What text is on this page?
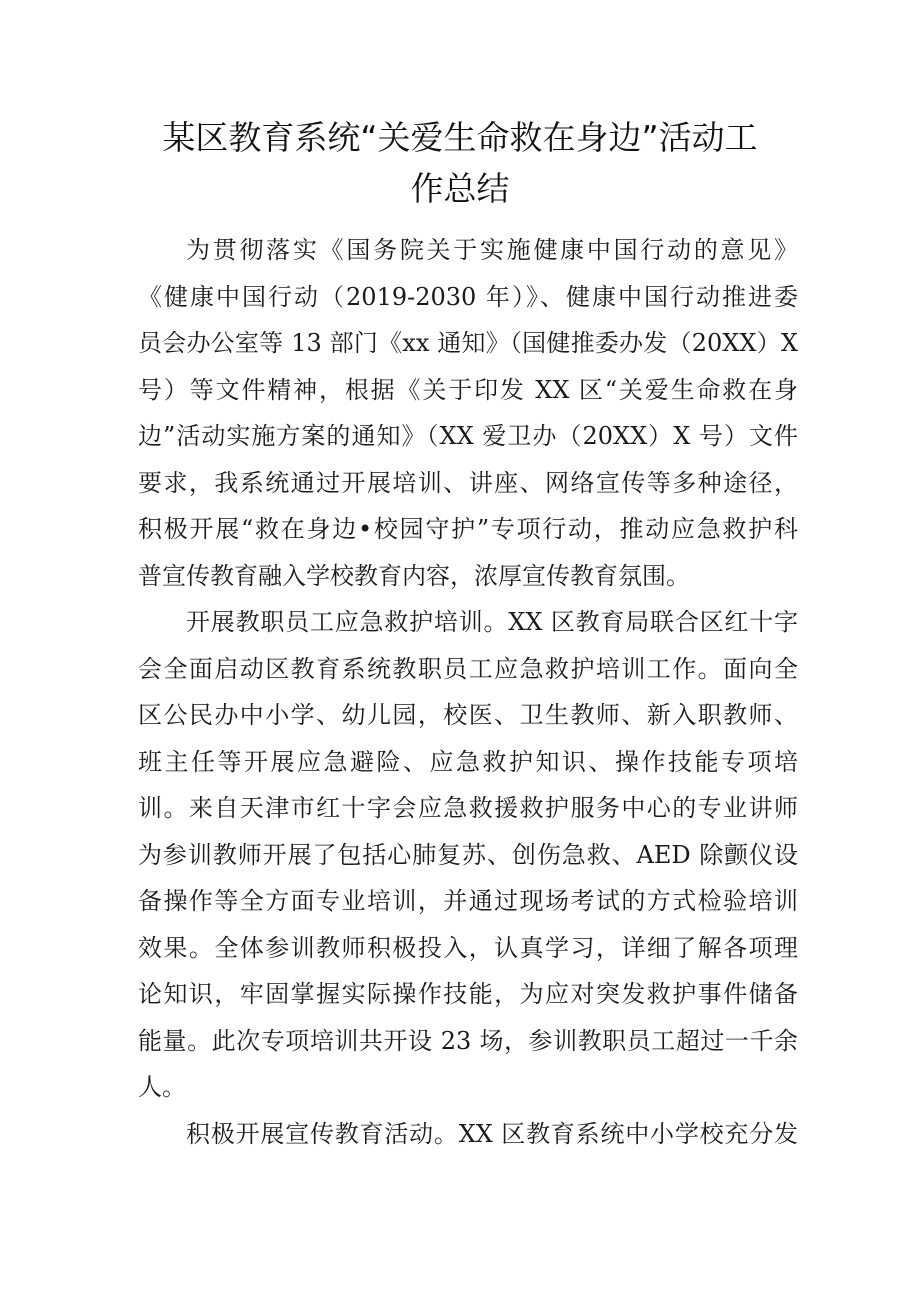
某区教育系统“关爱生命救在身边”活动工
作总结
为贯彻落实《国务院关于实施健康中国行动的意见》
《健康中国行动（2019-2030 年）》、健康中国行动推进委
员会办公室等 13 部门《xx 通知》（国健推委办发（20XX）X
号）等文件精神，根据《关于印发 XX 区“关爱生命救在身
边”活动实施方案的通知》（XX 爱卫办（20XX）X 号）文件
要求，我系统通过开展培训、讲座、网络宣传等多种途径，
积极开展“救在身边•校园守护”专项行动，推动应急救护科
普宣传教育融入学校教育内容，浓厚宣传教育氛围。
开展教职员工应急救护培训。XX 区教育局联合区红十字
会全面启动区教育系统教职员工应急救护培训工作。面向全
区公民办中小学、幼儿园，校医、卫生教师、新入职教师、
班主任等开展应急避险、应急救护知识、操作技能专项培
训。来自天津市红十字会应急救援救护服务中心的专业讲师
为参训教师开展了包括心肺复苏、创伤急救、AED 除颤仪设
备操作等全方面专业培训，并通过现场考试的方式检验培训
效果。全体参训教师积极投入，认真学习，详细了解各项理
论知识，牢固掌握实际操作技能，为应对突发救护事件储备
能量。此次专项培训共开设 23 场，参训教职员工超过一千余
人。
积极开展宣传教育活动。XX 区教育系统中小学校充分发
